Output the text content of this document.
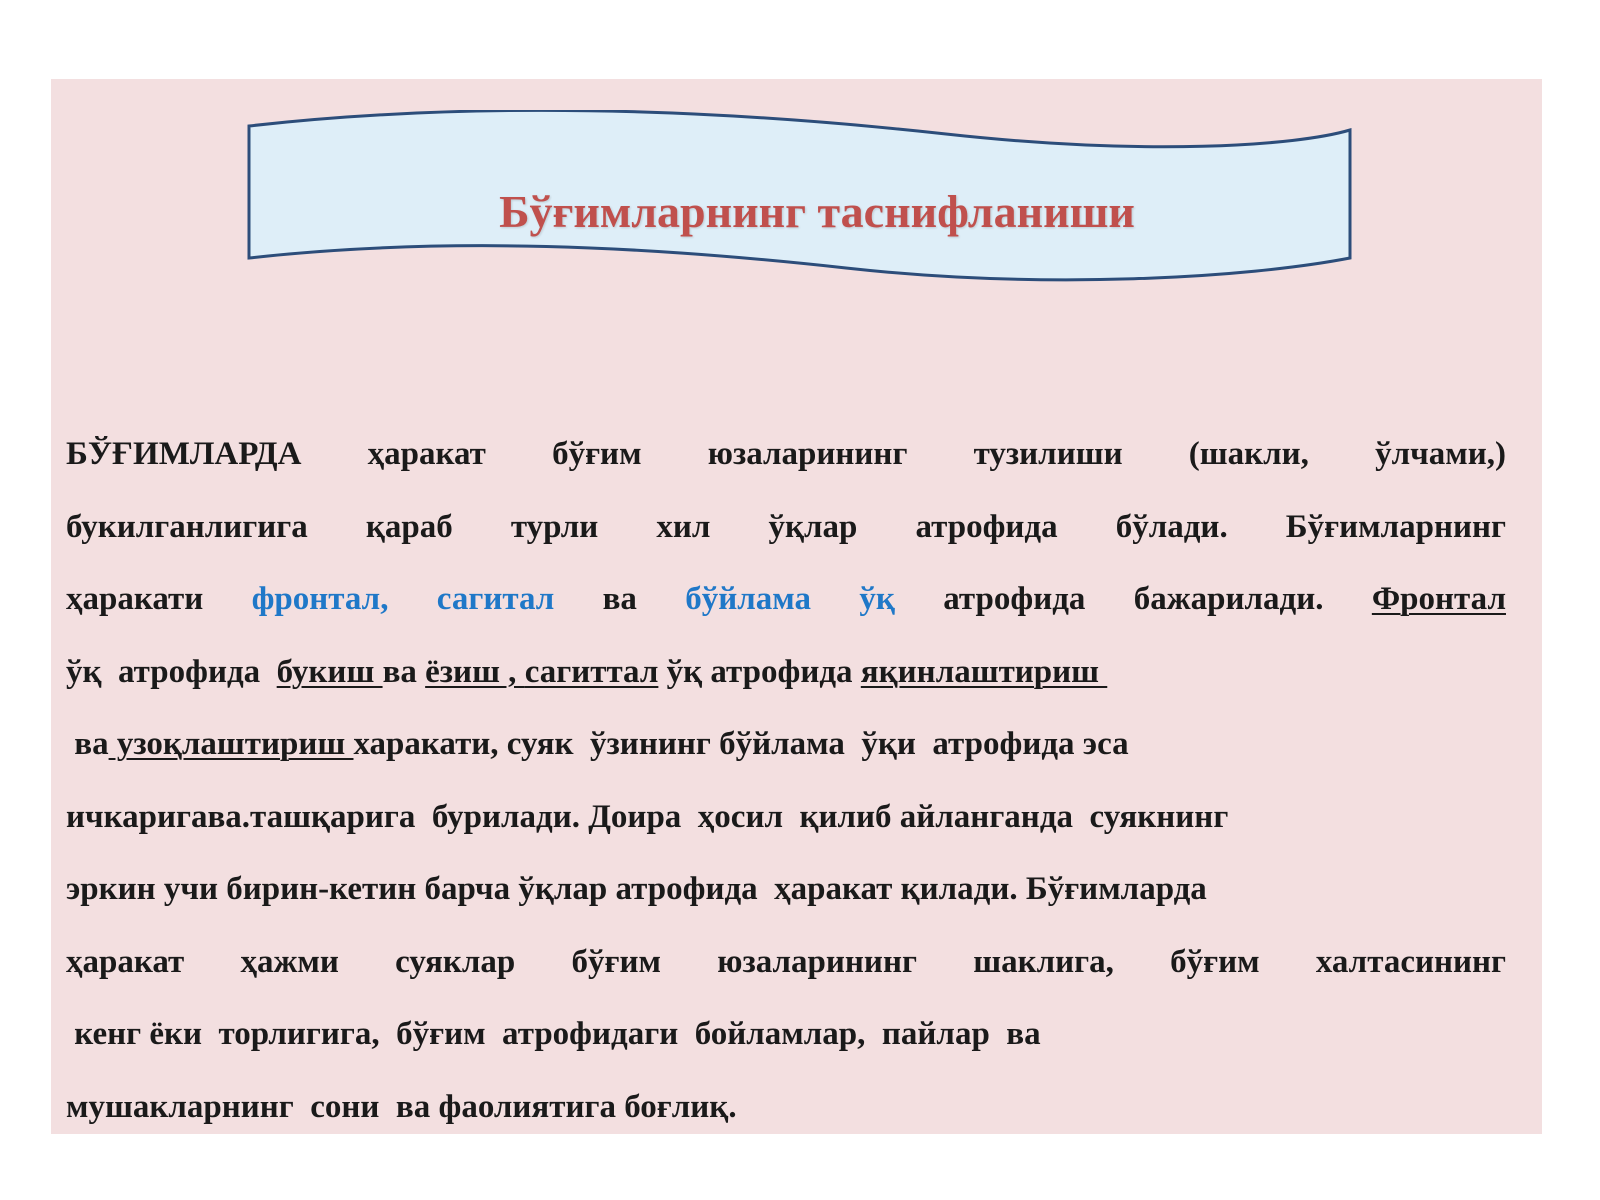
Бўғимларнинг таснифланиши
БЎҒИМЛАРДА ҳаракат бўғим юзаларининг тузилиши (шакли, ўлчами,)
букилганлигига қараб турли хил ўқлар атрофида бўлади. Бўғимларнинг
ҳаракати фронтал, сагитал ва бўйлама ўқ атрофида бажарилади. Фронтал
ўқ  атрофида  букиш ва ёзиш , сагиттал ўқ атрофида яқинлаштириш
ва узоқлаштириш харакати, суяк  ўзининг бўйлама  ўқи  атрофида эса
ичкаригава.ташқарига  бурилади. Доира  ҳосил  қилиб айланганда  суякнинг
эркин учи бирин-кетин барча ўқлар атрофида  ҳаракат қилади. Бўғимларда
ҳаракат ҳажми суяклар бўғим юзаларининг шаклига, бўғим халтасининг
кенг ёки  торлигига,  бўғим  атрофидаги  бойламлар,  пайлар  ва
мушакларнинг  сони  ва фаолиятига боғлиқ.
